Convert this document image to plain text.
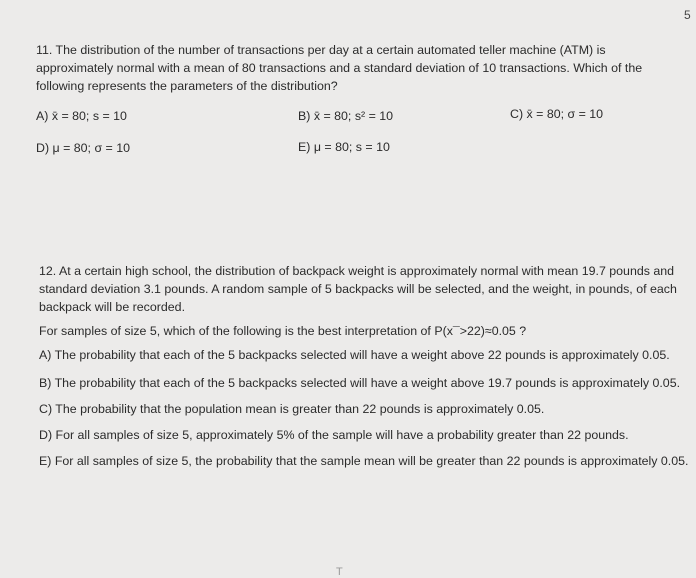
5

11. The distribution of the number of transactions per day at a certain automated teller machine (ATM) is approximately normal with a mean of 80 transactions and a standard deviation of 10 transactions. Which of the following represents the parameters of the distribution?

A) x̄ = 80; s = 10	B) x̄ = 80; s² = 10	C) x̄ = 80; σ = 10
D) μ = 80; σ = 10	E) μ = 80; s = 10

12. At a certain high school, the distribution of backpack weight is approximately normal with mean 19.7 pounds and standard deviation 3.1 pounds. A random sample of 5 backpacks will be selected, and the weight, in pounds, of each backpack will be recorded.

For samples of size 5, which of the following is the best interpretation of P(x¯>22)≈0.05 ?

A) The probability that each of the 5 backpacks selected will have a weight above 22 pounds is approximately 0.05.

B) The probability that each of the 5 backpacks selected will have a weight above 19.7 pounds is approximately 0.05.

C) The probability that the population mean is greater than 22 pounds is approximately 0.05.

D) For all samples of size 5, approximately 5% of the sample will have a probability greater than 22 pounds.

E) For all samples of size 5, the probability that the sample mean will be greater than 22 pounds is approximately 0.05.

T
